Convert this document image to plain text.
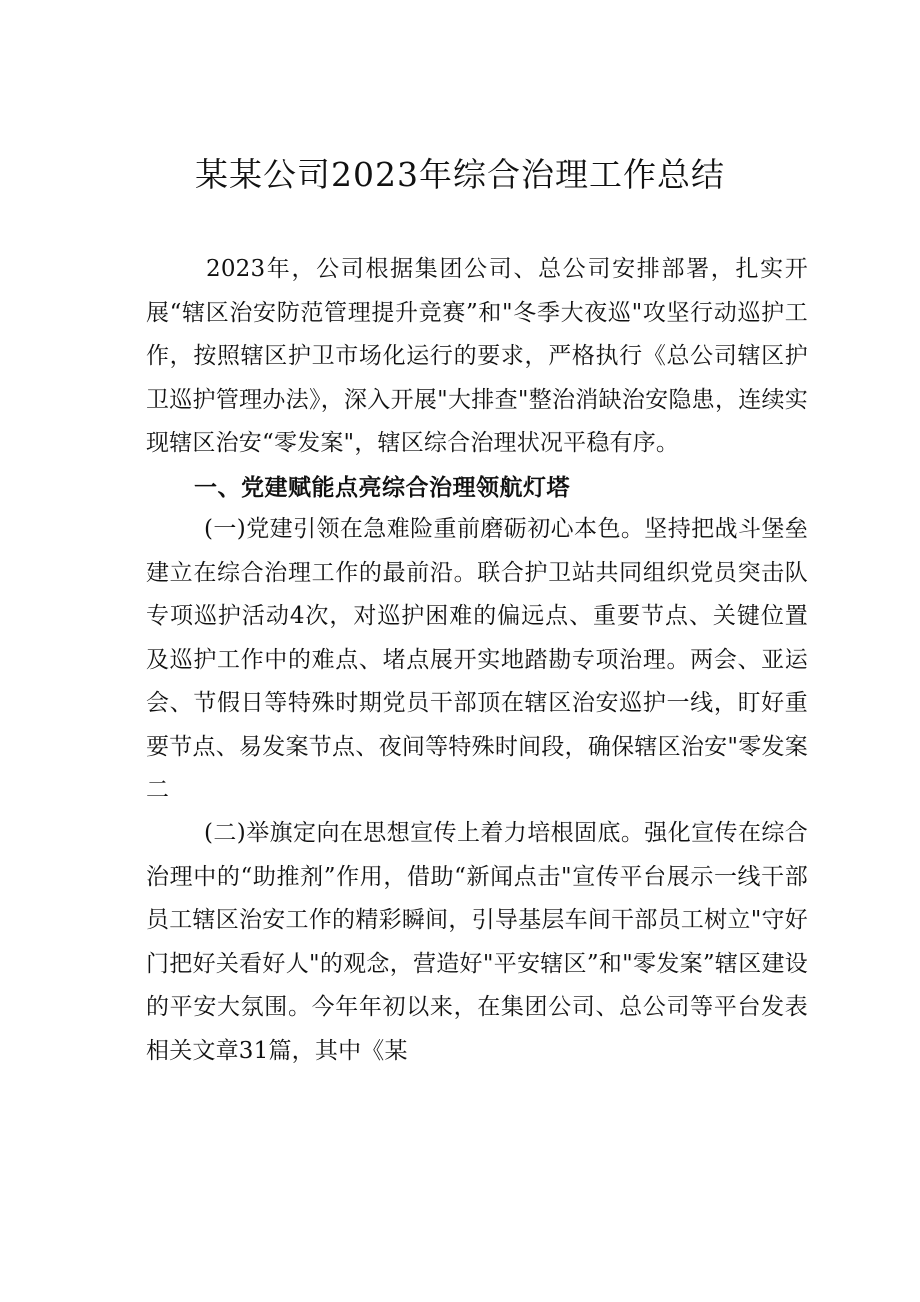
某某公司2023年综合治理工作总结

2023年，公司根据集团公司、总公司安排部署，扎实开展“辖区治安防范管理提升竞赛”和"冬季大夜巡"攻坚行动巡护工作，按照辖区护卫市场化运行的要求，严格执行《总公司辖区护卫巡护管理办法》，深入开展"大排查"整治消缺治安隐患，连续实现辖区治安“零发案"，辖区综合治理状况平稳有序。

一、党建赋能点亮综合治理领航灯塔

(一)党建引领在急难险重前磨砺初心本色。坚持把战斗堡垒建立在综合治理工作的最前沿。联合护卫站共同组织党员突击队专项巡护活动4次，对巡护困难的偏远点、重要节点、关键位置及巡护工作中的难点、堵点展开实地踏勘专项治理。两会、亚运会、节假日等特殊时期党员干部顶在辖区治安巡护一线，盯好重要节点、易发案节点、夜间等特殊时间段，确保辖区治安"零发案二

(二)举旗定向在思想宣传上着力培根固底。强化宣传在综合治理中的“助推剂”作用，借助“新闻点击"宣传平台展示一线干部员工辖区治安工作的精彩瞬间，引导基层车间干部员工树立"守好门把好关看好人"的观念，营造好"平安辖区”和"零发案”辖区建设的平安大氛围。今年年初以来，在集团公司、总公司等平台发表相关文章31篇，其中《某
